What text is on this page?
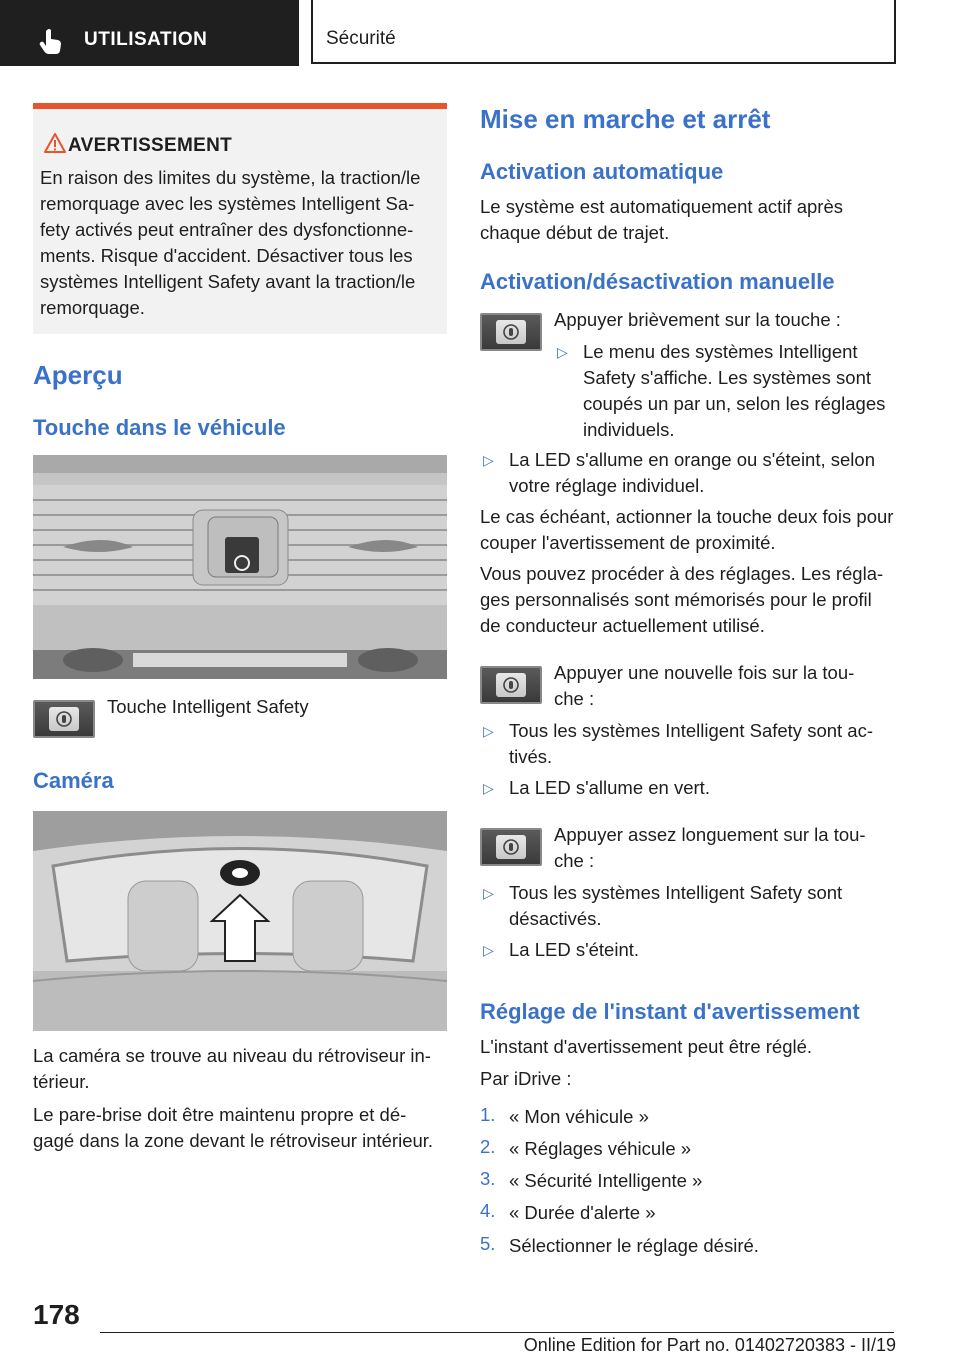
UTILISATION	Sécurité
AVERTISSEMENT
En raison des limites du système, la traction/le remorquage avec les systèmes Intelligent Sa-fety activés peut entraîner des dysfonctionne-ments. Risque d'accident. Désactiver tous les systèmes Intelligent Safety avant la traction/le remorquage.
Aperçu
Touche dans le véhicule
Touche Intelligent Safety
Caméra
La caméra se trouve au niveau du rétroviseur in-térieur.
Le pare-brise doit être maintenu propre et dé-gagé dans la zone devant le rétroviseur intérieur.
Mise en marche et arrêt
Activation automatique
Le système est automatiquement actif après chaque début de trajet.
Activation/désactivation manuelle
Appuyer brièvement sur la touche :
▷ Le menu des systèmes Intelligent Safety s'affiche. Les systèmes sont coupés un par un, selon les réglages individuels.
▷ La LED s'allume en orange ou s'éteint, selon votre réglage individuel.
Le cas échéant, actionner la touche deux fois pour couper l'avertissement de proximité.
Vous pouvez procéder à des réglages. Les régla-ges personnalisés sont mémorisés pour le profil de conducteur actuellement utilisé.
Appuyer une nouvelle fois sur la tou-che :
▷ Tous les systèmes Intelligent Safety sont ac-tivés.
▷ La LED s'allume en vert.
Appuyer assez longuement sur la tou-che :
▷ Tous les systèmes Intelligent Safety sont désactivés.
▷ La LED s'éteint.
Réglage de l'instant d'avertissement
L'instant d'avertissement peut être réglé.
Par iDrive :
1. « Mon véhicule »
2. « Réglages véhicule »
3. « Sécurité Intelligente »
4. « Durée d'alerte »
5. Sélectionner le réglage désiré.
178
Online Edition for Part no. 01402720383 - II/19
